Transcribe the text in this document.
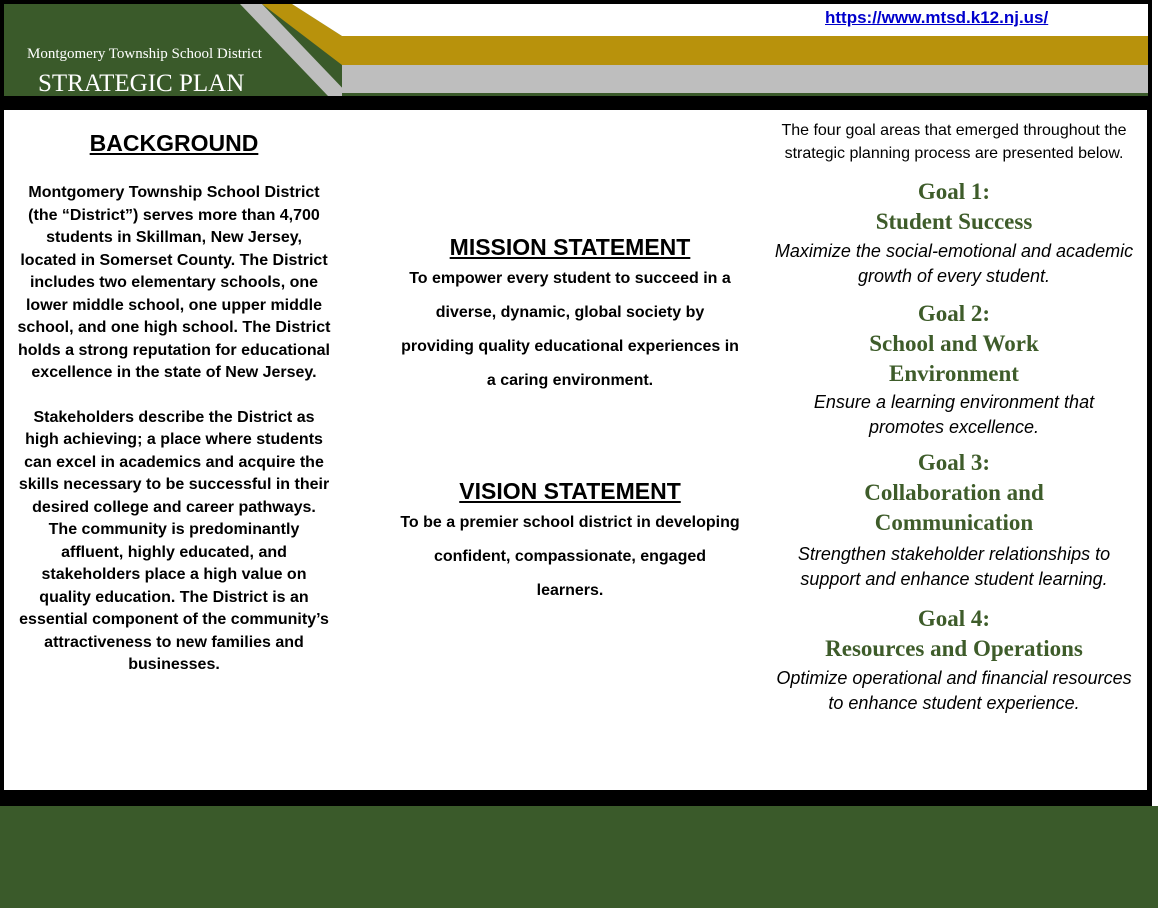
Montgomery Township School District
STRATEGIC PLAN
https://www.mtsd.k12.nj.us/
BACKGROUND
Montgomery Township School District (the “District”) serves more than 4,700 students in Skillman, New Jersey, located in Somerset County. The District includes two elementary schools, one lower middle school, one upper middle school, and one high school. The District holds a strong reputation for educational excellence in the state of New Jersey.
Stakeholders describe the District as high achieving; a place where students can excel in academics and acquire the skills necessary to be successful in their desired college and career pathways. The community is predominantly affluent, highly educated, and stakeholders place a high value on quality education. The District is an essential component of the community’s attractiveness to new families and businesses.
MISSION STATEMENT
To empower every student to succeed in a diverse, dynamic, global society by providing quality educational experiences in a caring environment.
VISION STATEMENT
To be a premier school district in developing confident, compassionate, engaged learners.
The four goal areas that emerged throughout the strategic planning process are presented below.
Goal 1:
Student Success
Maximize the social-emotional and academic growth of every student.
Goal 2:
School and Work Environment
Ensure a learning environment that promotes excellence.
Goal 3:
Collaboration and Communication
Strengthen stakeholder relationships to support and enhance student learning.
Goal 4:
Resources and Operations
Optimize operational and financial resources to enhance student experience.
